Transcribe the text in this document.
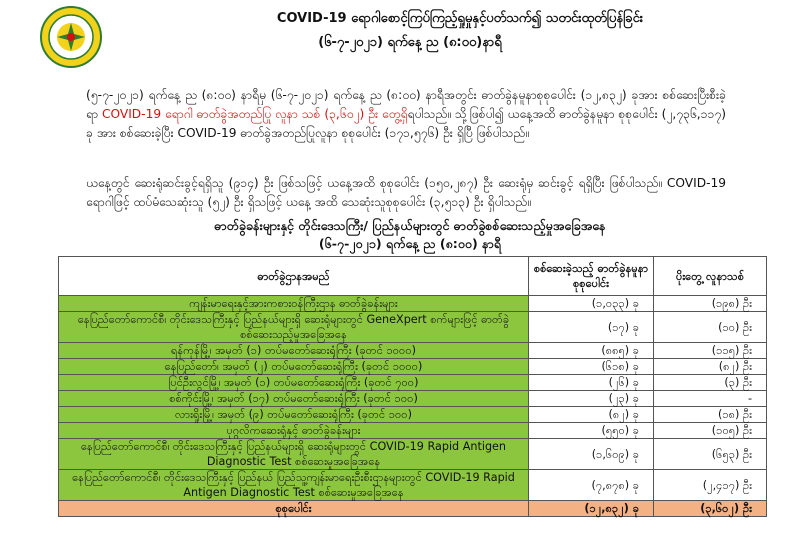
COVID-19 ရောဂါစောင့်ကြပ်ကြည့်ရှုမှုနှင့်ပတ်သက်၍ သတင်းထုတ်ပြန်ခြင်း
(၆-၇-၂၀၂၁) ရက်နေ့ ည (၈:၀၀)နာရီ
(၅-၇-၂၀၂၁) ရက်နေ့ ည (၈:၀၀) နာရီမှ (၆-၇-၂၀၂၁) ရက်နေ့ ည (၈:၀၀) နာရီအတွင်း ဓာတ်ခွဲနမူနာစုစုပေါင်း (၁၂,၈၃၂) ခုအား စစ်ဆေးပြီးစီးခဲ့ရာ COVID-19 ရောဂါ ဓာတ်ခွဲအတည်ပြု လူနာ သစ် (၃,၆၀၂) ဦး တွေ့ရှိရပါသည်။ သို့ဖြစ်ပါ၍ ယနေ့အထိ ဓာတ်ခွဲနမူနာ စုစုပေါင်း (၂,၇၃၆,၁၁၇) ခု အား စစ်ဆေးခဲ့ပြီး COVID-19 ဓာတ်ခွဲအတည်ပြုလူနာ စုစုပေါင်း (၁၇၁,၅၇၆) ဦး ရှိပြီ ဖြစ်ပါသည်။
ယနေ့တွင် ဆေးရုံဆင်းခွင့်ရရှိသူ (၉၁၄) ဦး ဖြစ်သဖြင့် ယနေ့အထိ စုစုပေါင်း (၁၅၀,၂၈၇) ဦး ဆေးရုံမှ ဆင်းခွင့် ရရှိပြီး ဖြစ်ပါသည်။ COVID-19 ရောဂါဖြင့် ထပ်မံသေဆုံးသူ (၅၂) ဦး ရှိသဖြင့် ယနေ့ အထိ သေဆုံးသူစုစုပေါင်း (၃,၅၁၃) ဦး ရှိပါသည်။
ဓာတ်ခွဲခန်းများနှင့် တိုင်းဒေသကြီး/ ပြည်နယ်များတွင် ဓာတ်ခွဲစစ်ဆေးသည့်မှုအခြေအနေ
(၆-၇-၂၀၂၁) ရက်နေ့ ည (၈:၀၀) နာရီ
ဓာတ်ခွဲဌာနအမည်	စစ်ဆေးခဲ့သည့် ဓာတ်ခွဲနမူနာ စုစုပေါင်း	ပိုးတွေ့ လူနာသစ်
ကျန်းမာရေးနှင့်အားကစားဝန်ကြီးဌာန ဓာတ်ခွဲခန်းများ	(၁,၀၃၃) ခု	(၁၉၈) ဦး
နေပြည်တော်ကောင်စီ၊ တိုင်းဒေသကြီးနှင့် ပြည်နယ်များရှိ ဆေးရုံများတွင် GeneXpert စက်များဖြင့် ဓာတ်ခွဲစစ်ဆေးသည့်မှုအခြေအနေ	(၁၇) ခု	(၁၀) ဦး
ရန်ကုန်မြို့၊ အမှတ် (၁) တပ်မတော်ဆေးရုံကြီး (ခုတင် ၁၀၀၀)	(၈၈၅) ခု	(၁၁၅) ဦး
နေပြည်တော်၊ အမှတ် (၂) တပ်မတော်ဆေးရုံကြီး (ခုတင် ၁၀၀၀)	(၆၁၈) ခု	(၈၂) ဦး
ပြင်ဦးလွင်မြို့၊ အမှတ် (၁) တပ်မတော်ဆေးရုံကြီး (ခုတင် ၇၀၀)	(၂၆) ခု	(၃) ဦး
စစ်ကိုင်းမြို့၊ အမှတ် (၁၇) တပ်မတော်ဆေးရုံကြီး (ခုတင် ၁၀၀)	(၂၃) ခု	-
လားရှိုးမြို့၊ အမှတ် (၉) တပ်မတော်ဆေးရုံကြီး (ခုတင် ၁၀၀)	(၈၂) ခု	(၁၈) ဦး
ပုဂ္ဂလိကဆေးရုံနှင့် ဓာတ်ခွဲခန်းများ	(၅၅၀) ခု	(၁၀၅) ဦး
နေပြည်တော်ကောင်စီ၊ တိုင်းဒေသကြီးနှင့် ပြည်နယ်များရှိ ဆေးရုံများတွင် COVID-19 Rapid Antigen Diagnostic Test စစ်ဆေးမှုအခြေအနေ	(၁,၆၀၉) ခု	(၆၅၃) ဦး
နေပြည်တော်ကောင်စီ၊ တိုင်းဒေသကြီးနှင့် ပြည်နယ် ပြည်သူ့ကျန်းမာရေးဦးစီးဌာနများတွင် COVID-19 Rapid Antigen Diagnostic Test စစ်ဆေးမှုအခြေအနေ	(၇,၈၇၈) ခု	(၂,၄၁၇) ဦး
စုစုပေါင်း	(၁၂,၈၃၂) ခု	(၃,၆၀၂) ဦး
